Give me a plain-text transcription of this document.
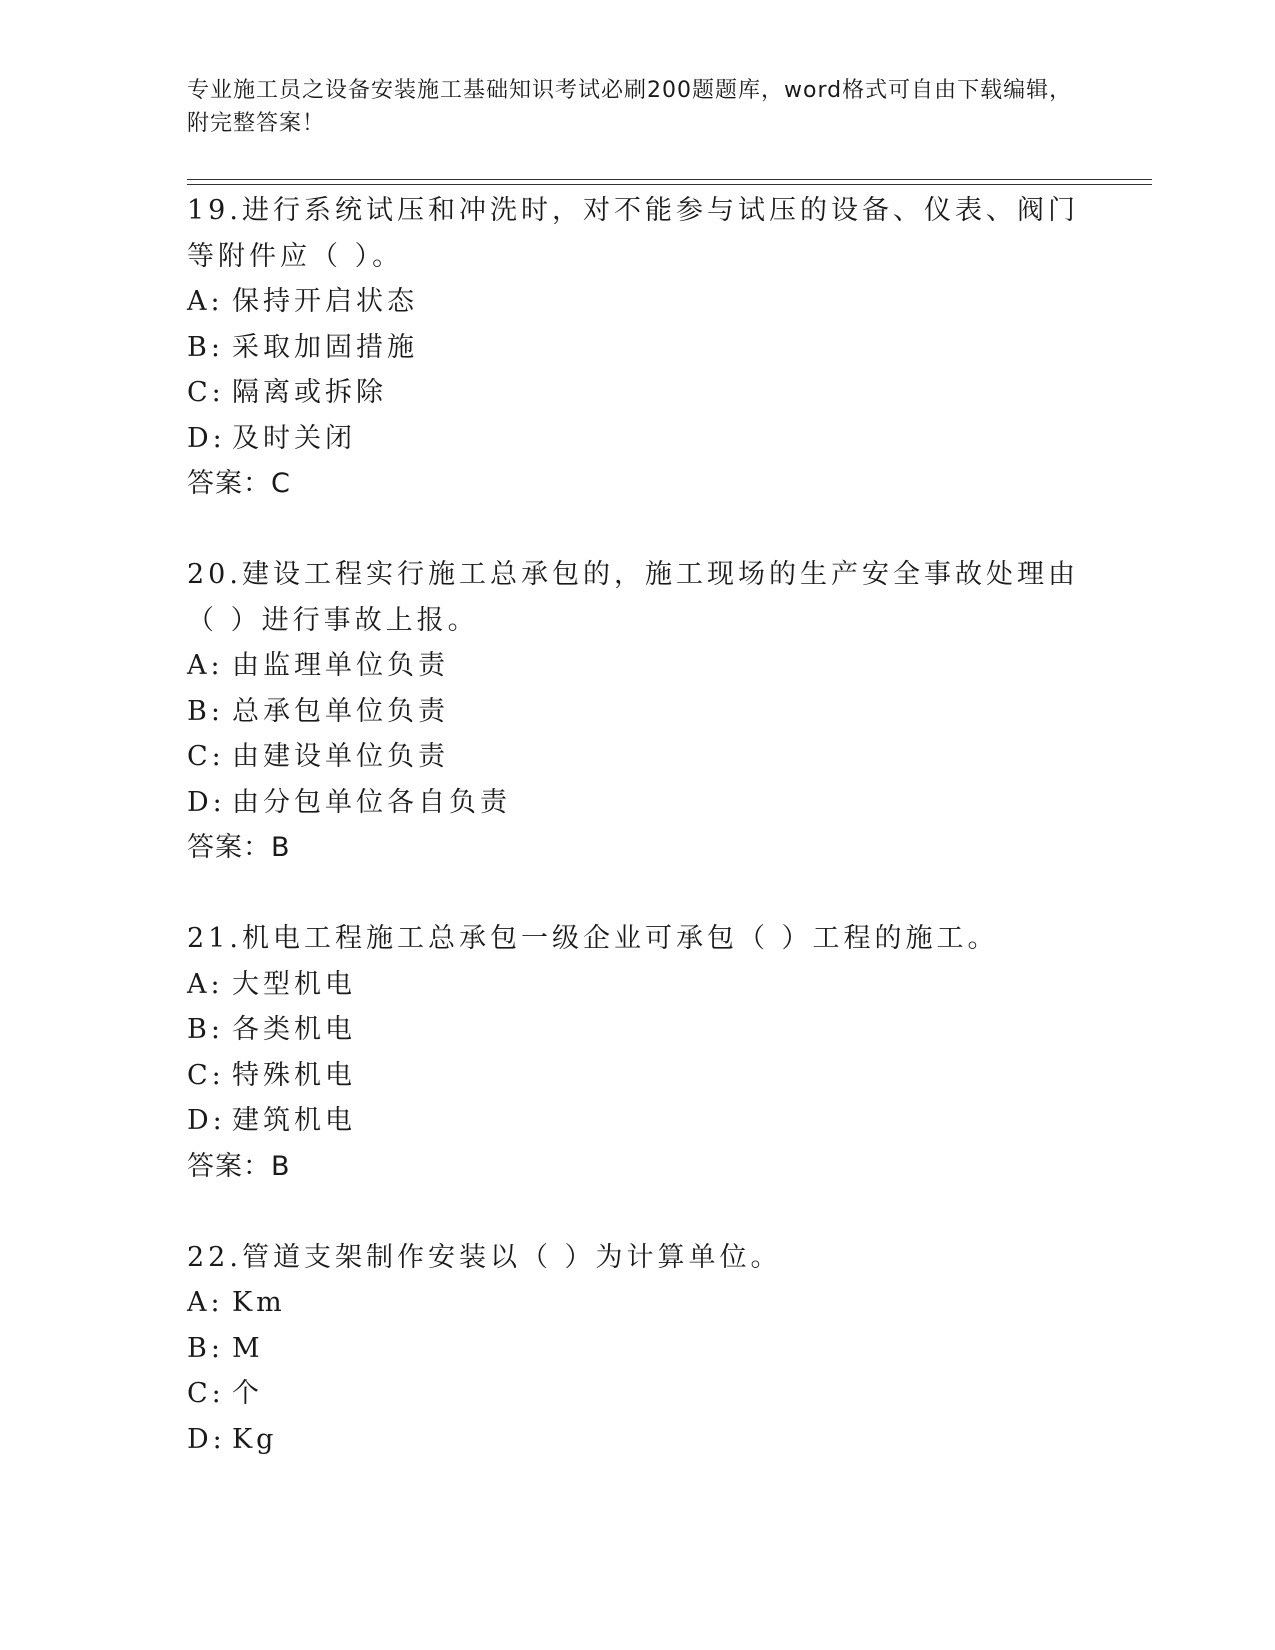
专业施工员之设备安装施工基础知识考试必刷200题题库，word格式可自由下载编辑，附完整答案！

19.进行系统试压和冲洗时，对不能参与试压的设备、仪表、阀门等附件应（ ）。

A: 保持开启状态

B: 采取加固措施

C: 隔离或拆除

D: 及时关闭

答案：C

20.建设工程实行施工总承包的，施工现场的生产安全事故处理由（ ）进行事故上报。

A: 由监理单位负责

B: 总承包单位负责

C: 由建设单位负责

D: 由分包单位各自负责

答案：B

21.机电工程施工总承包一级企业可承包（ ）工程的施工。

A: 大型机电

B: 各类机电

C: 特殊机电

D: 建筑机电

答案：B

22.管道支架制作安装以（ ）为计算单位。

A: Km

B: M

C: 个

D: Kg
